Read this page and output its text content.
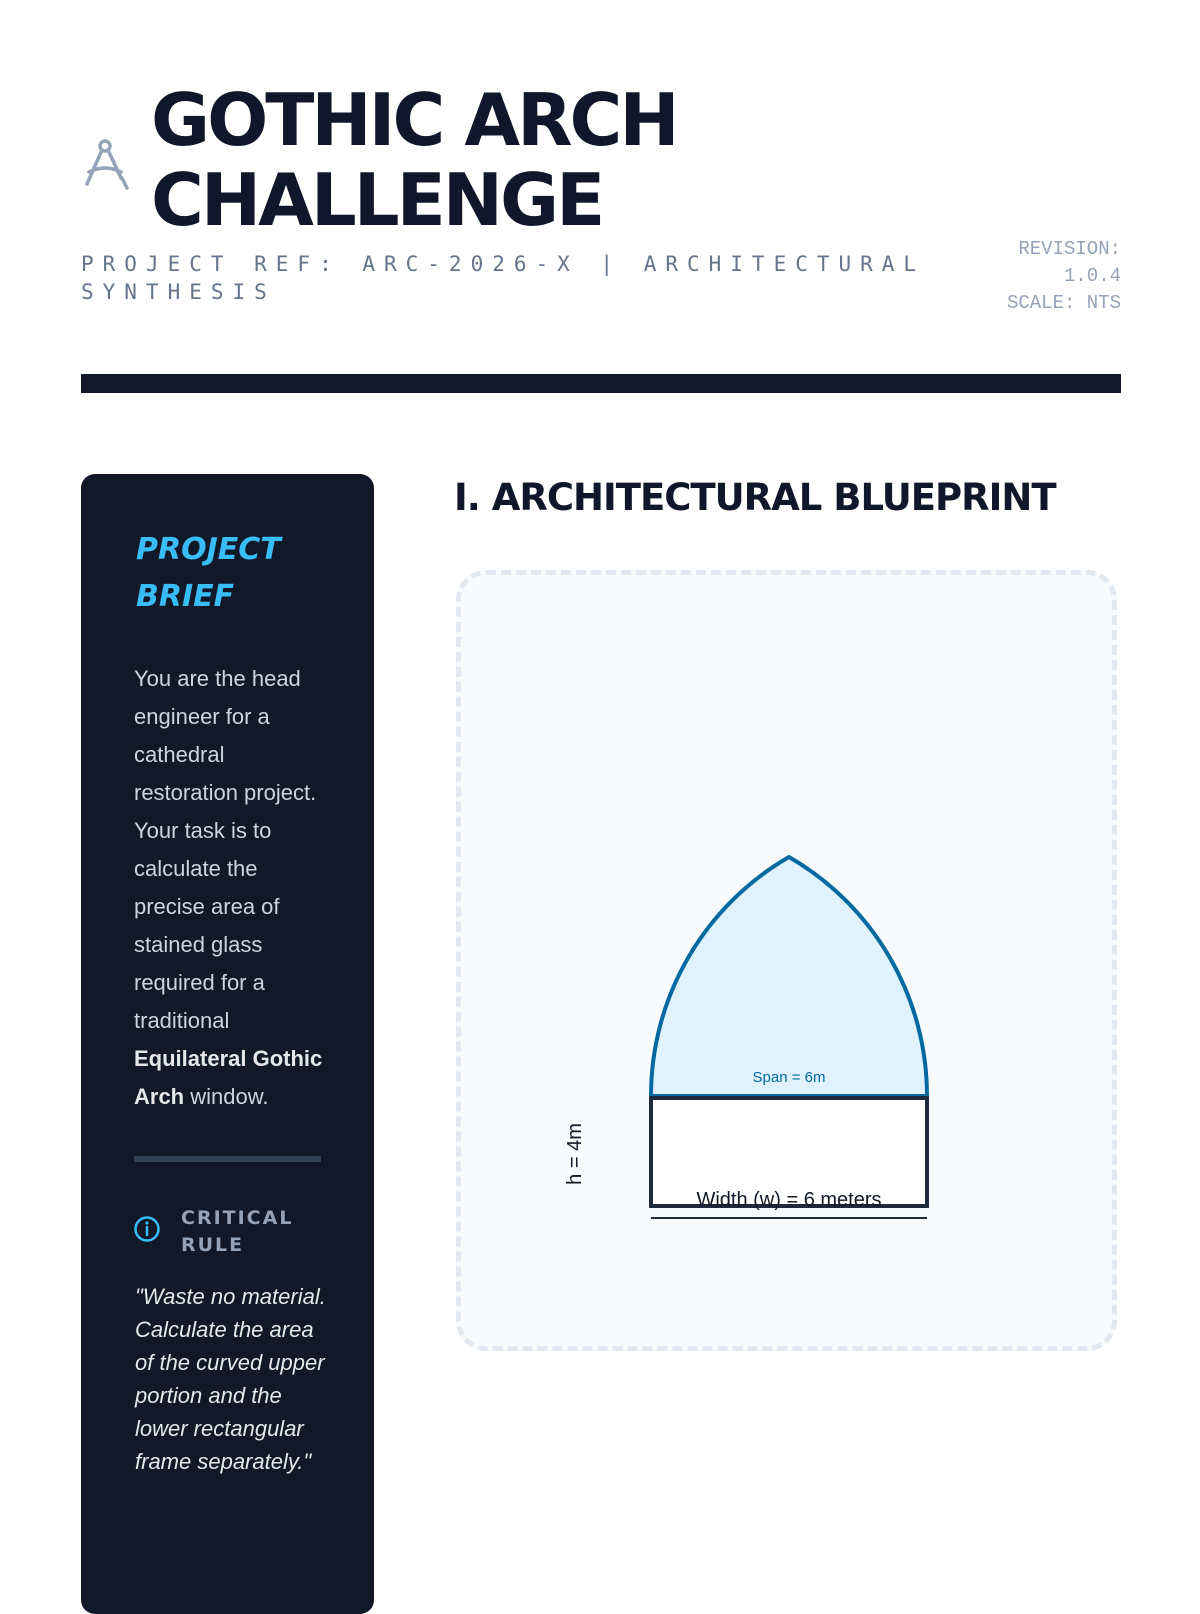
GOTHIC ARCH
CHALLENGE
PROJECT REF: ARC-2026-X | ARCHITECTURAL SYNTHESIS
REVISION:
1.0.4
SCALE: NTS
PROJECT BRIEF
You are the head engineer for a cathedral restoration project. Your task is to calculate the precise area of stained glass required for a traditional Equilateral Gothic Arch window.
CRITICAL RULE
"Waste no material. Calculate the area of the curved upper portion and the lower rectangular frame separately."
I. ARCHITECTURAL BLUEPRINT
Span = 6m
Width (w) = 6 meters
h = 4m
